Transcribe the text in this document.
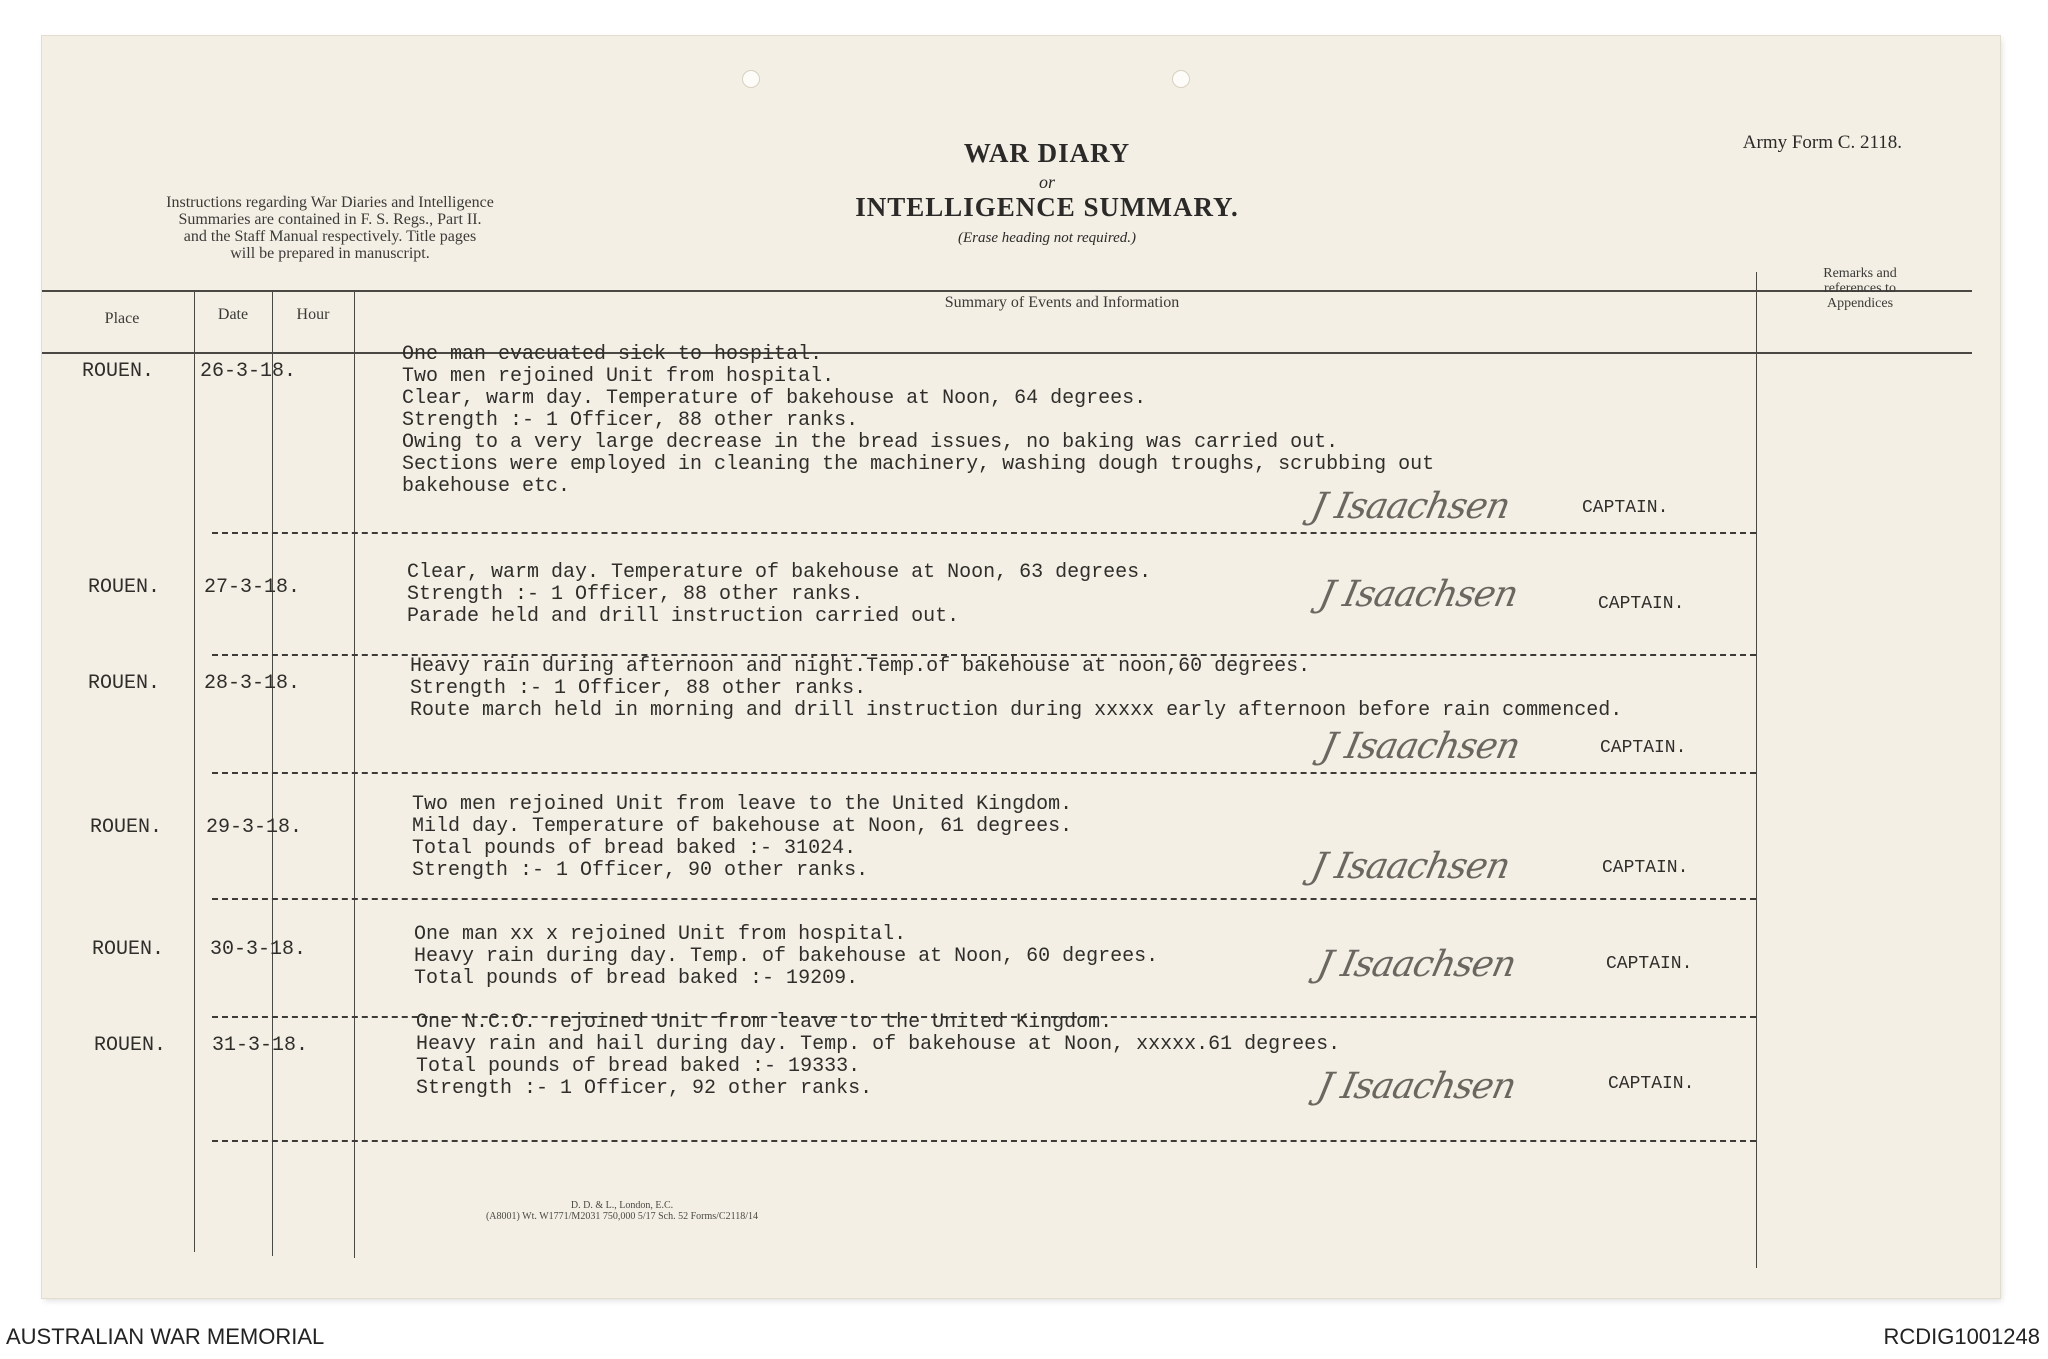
Instructions regarding War Diaries and Intelligence
Summaries are contained in F. S. Regs., Part II.
and the Staff Manual respectively. Title pages
will be prepared in manuscript.
WAR DIARY
or
INTELLIGENCE SUMMARY.
(Erase heading not required.)
Army Form C. 2118.
Place	Date	Hour
Summary of Events and Information
Remarks and
references to
Appendices
ROUEN. 26-3-18.
One man evacuated sick to hospital.
Two men rejoined Unit from hospital.
Clear, warm day. Temperature of bakehouse at Noon, 64 degrees.
Strength :- 1 Officer, 88 other ranks.
Owing to a very large decrease in the bread issues, no baking was carried out.
Sections were employed in cleaning the machinery, washing dough troughs, scrubbing out
bakehouse etc.	J Isaachsen	CAPTAIN.
ROUEN. 27-3-18.
Clear, warm day. Temperature of bakehouse at Noon, 63 degrees.
Strength :- 1 Officer, 88 other ranks.
Parade held and drill instruction carried out.
J Isaachsen	CAPTAIN.
ROUEN. 28-3-18.
Heavy rain during afternoon and night.Temp.of bakehouse at noon,60 degrees.
Strength :- 1 Officer, 88 other ranks.
Route march held in morning and drill instruction during xxxxx early afternoon before rain commenced.
J Isaachsen	CAPTAIN.
ROUEN. 29-3-18.
Two men rejoined Unit from leave to the United Kingdom.
Mild day. Temperature of bakehouse at Noon, 61 degrees.
Total pounds of bread baked :- 31024.
Strength :- 1 Officer, 90 other ranks.	J Isaachsen	CAPTAIN.
ROUEN. 30-3-18.
One man xx x rejoined Unit from hospital.
Heavy rain during day. Temp. of bakehouse at Noon, 60 degrees.
Total pounds of bread baked :- 19209.	J Isaachsen	CAPTAIN.
ROUEN. 31-3-18.
One N.C.O. rejoined Unit from leave to the United Kingdom.
Heavy rain and hail during day. Temp. of bakehouse at Noon, xxxxx.61 degrees.
Total pounds of bread baked :- 19333.
Strength :- 1 Officer, 92 other ranks.	J Isaachsen	CAPTAIN.
D. D. & L., London, E.C.
(A8001) Wt. W1771/M2031 750,000 5/17 Sch. 52 Forms/C2118/14
AUSTRALIAN WAR MEMORIAL	RCDIG1001248
